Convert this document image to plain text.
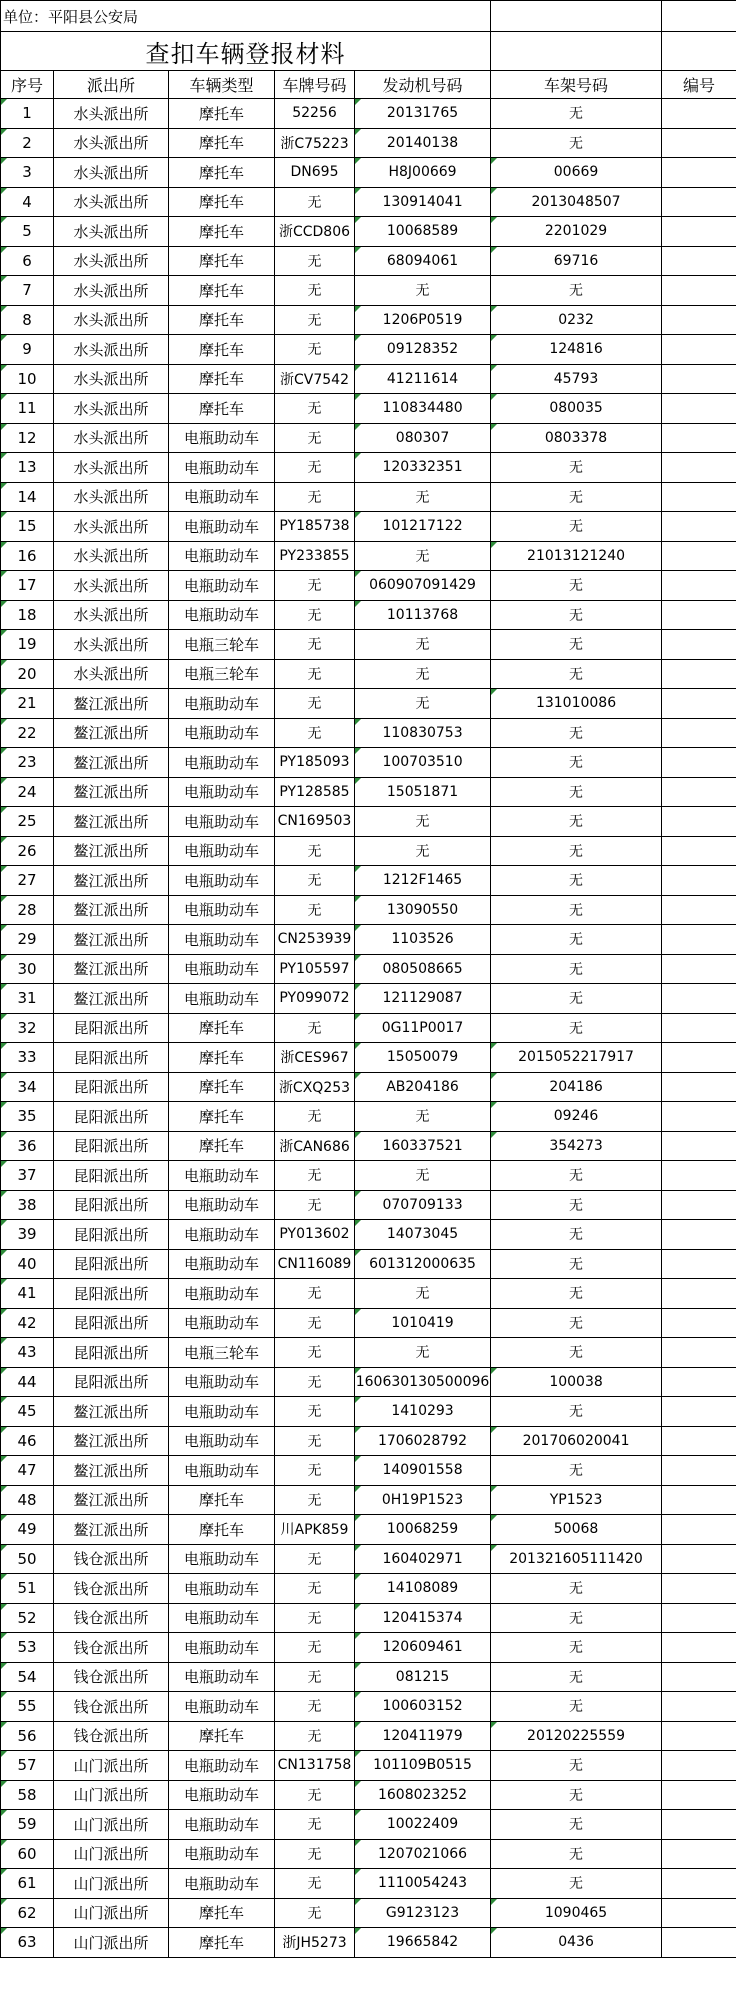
单位：平阳县公安局						
查扣车辆登报材料						
序号	派出所	车辆类型	车牌号码	发动机号码	车架号码	编号
1	水头派出所	摩托车	52256	20131765	无	
2	水头派出所	摩托车	浙C75223	20140138	无	
3	水头派出所	摩托车	DN695	H8J00669	00669	
4	水头派出所	摩托车	无	130914041	2013048507	
5	水头派出所	摩托车	浙CCD806	10068589	2201029	
6	水头派出所	摩托车	无	68094061	69716	
7	水头派出所	摩托车	无	无	无	
8	水头派出所	摩托车	无	1206P0519	0232	
9	水头派出所	摩托车	无	09128352	124816	
10	水头派出所	摩托车	浙CV7542	41211614	45793	
11	水头派出所	摩托车	无	110834480	080035	
12	水头派出所	电瓶助动车	无	080307	0803378	
13	水头派出所	电瓶助动车	无	120332351	无	
14	水头派出所	电瓶助动车	无	无	无	
15	水头派出所	电瓶助动车	PY185738	101217122	无	
16	水头派出所	电瓶助动车	PY233855	无	21013121240	
17	水头派出所	电瓶助动车	无	060907091429	无	
18	水头派出所	电瓶助动车	无	10113768	无	
19	水头派出所	电瓶三轮车	无	无	无	
20	水头派出所	电瓶三轮车	无	无	无	
21	鳌江派出所	电瓶助动车	无	无	131010086	
22	鳌江派出所	电瓶助动车	无	110830753	无	
23	鳌江派出所	电瓶助动车	PY185093	100703510	无	
24	鳌江派出所	电瓶助动车	PY128585	15051871	无	
25	鳌江派出所	电瓶助动车	CN169503	无	无	
26	鳌江派出所	电瓶助动车	无	无	无	
27	鳌江派出所	电瓶助动车	无	1212F1465	无	
28	鳌江派出所	电瓶助动车	无	13090550	无	
29	鳌江派出所	电瓶助动车	CN253939	1103526	无	
30	鳌江派出所	电瓶助动车	PY105597	080508665	无	
31	鳌江派出所	电瓶助动车	PY099072	121129087	无	
32	昆阳派出所	摩托车	无	0G11P0017	无	
33	昆阳派出所	摩托车	浙CES967	15050079	2015052217917	
34	昆阳派出所	摩托车	浙CXQ253	AB204186	204186	
35	昆阳派出所	摩托车	无	无	09246	
36	昆阳派出所	摩托车	浙CAN686	160337521	354273	
37	昆阳派出所	电瓶助动车	无	无	无	
38	昆阳派出所	电瓶助动车	无	070709133	无	
39	昆阳派出所	电瓶助动车	PY013602	14073045	无	
40	昆阳派出所	电瓶助动车	CN116089	601312000635	无	
41	昆阳派出所	电瓶助动车	无	无	无	
42	昆阳派出所	电瓶助动车	无	1010419	无	
43	昆阳派出所	电瓶三轮车	无	无	无	
44	昆阳派出所	电瓶助动车	无	160630130500096	100038	
45	鳌江派出所	电瓶助动车	无	1410293	无	
46	鳌江派出所	电瓶助动车	无	1706028792	201706020041	
47	鳌江派出所	电瓶助动车	无	140901558	无	
48	鳌江派出所	摩托车	无	0H19P1523	YP1523	
49	鳌江派出所	摩托车	川APK859	10068259	50068	
50	钱仓派出所	电瓶助动车	无	160402971	201321605111420	
51	钱仓派出所	电瓶助动车	无	14108089	无	
52	钱仓派出所	电瓶助动车	无	120415374	无	
53	钱仓派出所	电瓶助动车	无	120609461	无	
54	钱仓派出所	电瓶助动车	无	081215	无	
55	钱仓派出所	电瓶助动车	无	100603152	无	
56	钱仓派出所	摩托车	无	120411979	20120225559	
57	山门派出所	电瓶助动车	CN131758	101109B0515	无	
58	山门派出所	电瓶助动车	无	1608023252	无	
59	山门派出所	电瓶助动车	无	10022409	无	
60	山门派出所	电瓶助动车	无	1207021066	无	
61	山门派出所	电瓶助动车	无	1110054243	无	
62	山门派出所	摩托车	无	G9123123	1090465	
63	山门派出所	摩托车	浙JH5273	19665842	0436	
